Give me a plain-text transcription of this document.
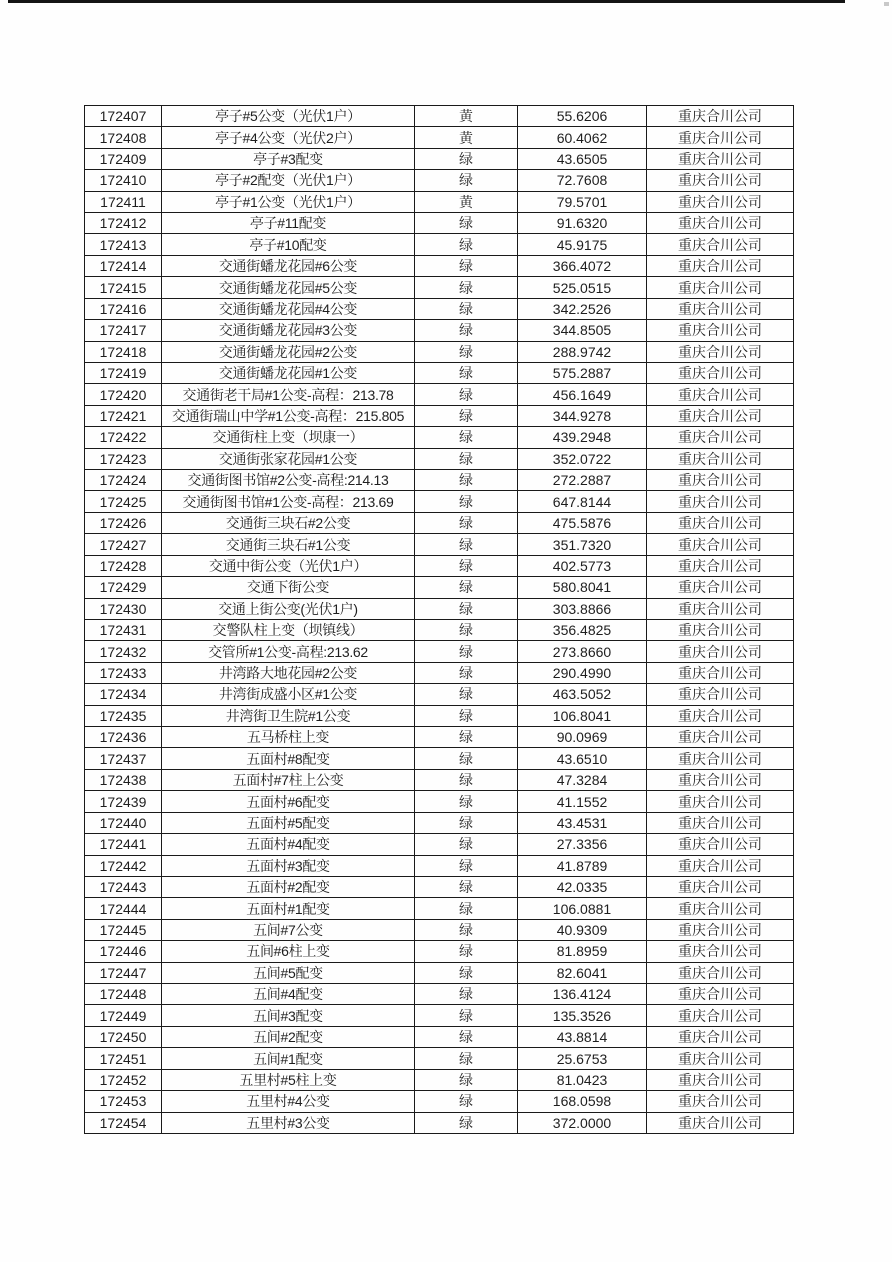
172407	亭子#5公变（光伏1户）	黄	55.6206	重庆合川公司
172408	亭子#4公变（光伏2户）	黄	60.4062	重庆合川公司
172409	亭子#3配变	绿	43.6505	重庆合川公司
172410	亭子#2配变（光伏1户）	绿	72.7608	重庆合川公司
172411	亭子#1公变（光伏1户）	黄	79.5701	重庆合川公司
172412	亭子#11配变	绿	91.6320	重庆合川公司
172413	亭子#10配变	绿	45.9175	重庆合川公司
172414	交通街蟠龙花园#6公变	绿	366.4072	重庆合川公司
172415	交通街蟠龙花园#5公变	绿	525.0515	重庆合川公司
172416	交通街蟠龙花园#4公变	绿	342.2526	重庆合川公司
172417	交通街蟠龙花园#3公变	绿	344.8505	重庆合川公司
172418	交通街蟠龙花园#2公变	绿	288.9742	重庆合川公司
172419	交通街蟠龙花园#1公变	绿	575.2887	重庆合川公司
172420	交通街老干局#1公变-高程：213.78	绿	456.1649	重庆合川公司
172421	交通街瑞山中学#1公变-高程：215.805	绿	344.9278	重庆合川公司
172422	交通街柱上变（坝康一）	绿	439.2948	重庆合川公司
172423	交通街张家花园#1公变	绿	352.0722	重庆合川公司
172424	交通街图书馆#2公变-高程:214.13	绿	272.2887	重庆合川公司
172425	交通街图书馆#1公变-高程：213.69	绿	647.8144	重庆合川公司
172426	交通街三块石#2公变	绿	475.5876	重庆合川公司
172427	交通街三块石#1公变	绿	351.7320	重庆合川公司
172428	交通中街公变（光伏1户）	绿	402.5773	重庆合川公司
172429	交通下街公变	绿	580.8041	重庆合川公司
172430	交通上街公变(光伏1户)	绿	303.8866	重庆合川公司
172431	交警队柱上变（坝镇线）	绿	356.4825	重庆合川公司
172432	交管所#1公变-高程:213.62	绿	273.8660	重庆合川公司
172433	井湾路大地花园#2公变	绿	290.4990	重庆合川公司
172434	井湾街成盛小区#1公变	绿	463.5052	重庆合川公司
172435	井湾街卫生院#1公变	绿	106.8041	重庆合川公司
172436	五马桥柱上变	绿	90.0969	重庆合川公司
172437	五面村#8配变	绿	43.6510	重庆合川公司
172438	五面村#7柱上公变	绿	47.3284	重庆合川公司
172439	五面村#6配变	绿	41.1552	重庆合川公司
172440	五面村#5配变	绿	43.4531	重庆合川公司
172441	五面村#4配变	绿	27.3356	重庆合川公司
172442	五面村#3配变	绿	41.8789	重庆合川公司
172443	五面村#2配变	绿	42.0335	重庆合川公司
172444	五面村#1配变	绿	106.0881	重庆合川公司
172445	五间#7公变	绿	40.9309	重庆合川公司
172446	五间#6柱上变	绿	81.8959	重庆合川公司
172447	五间#5配变	绿	82.6041	重庆合川公司
172448	五间#4配变	绿	136.4124	重庆合川公司
172449	五间#3配变	绿	135.3526	重庆合川公司
172450	五间#2配变	绿	43.8814	重庆合川公司
172451	五间#1配变	绿	25.6753	重庆合川公司
172452	五里村#5柱上变	绿	81.0423	重庆合川公司
172453	五里村#4公变	绿	168.0598	重庆合川公司
172454	五里村#3公变	绿	372.0000	重庆合川公司
